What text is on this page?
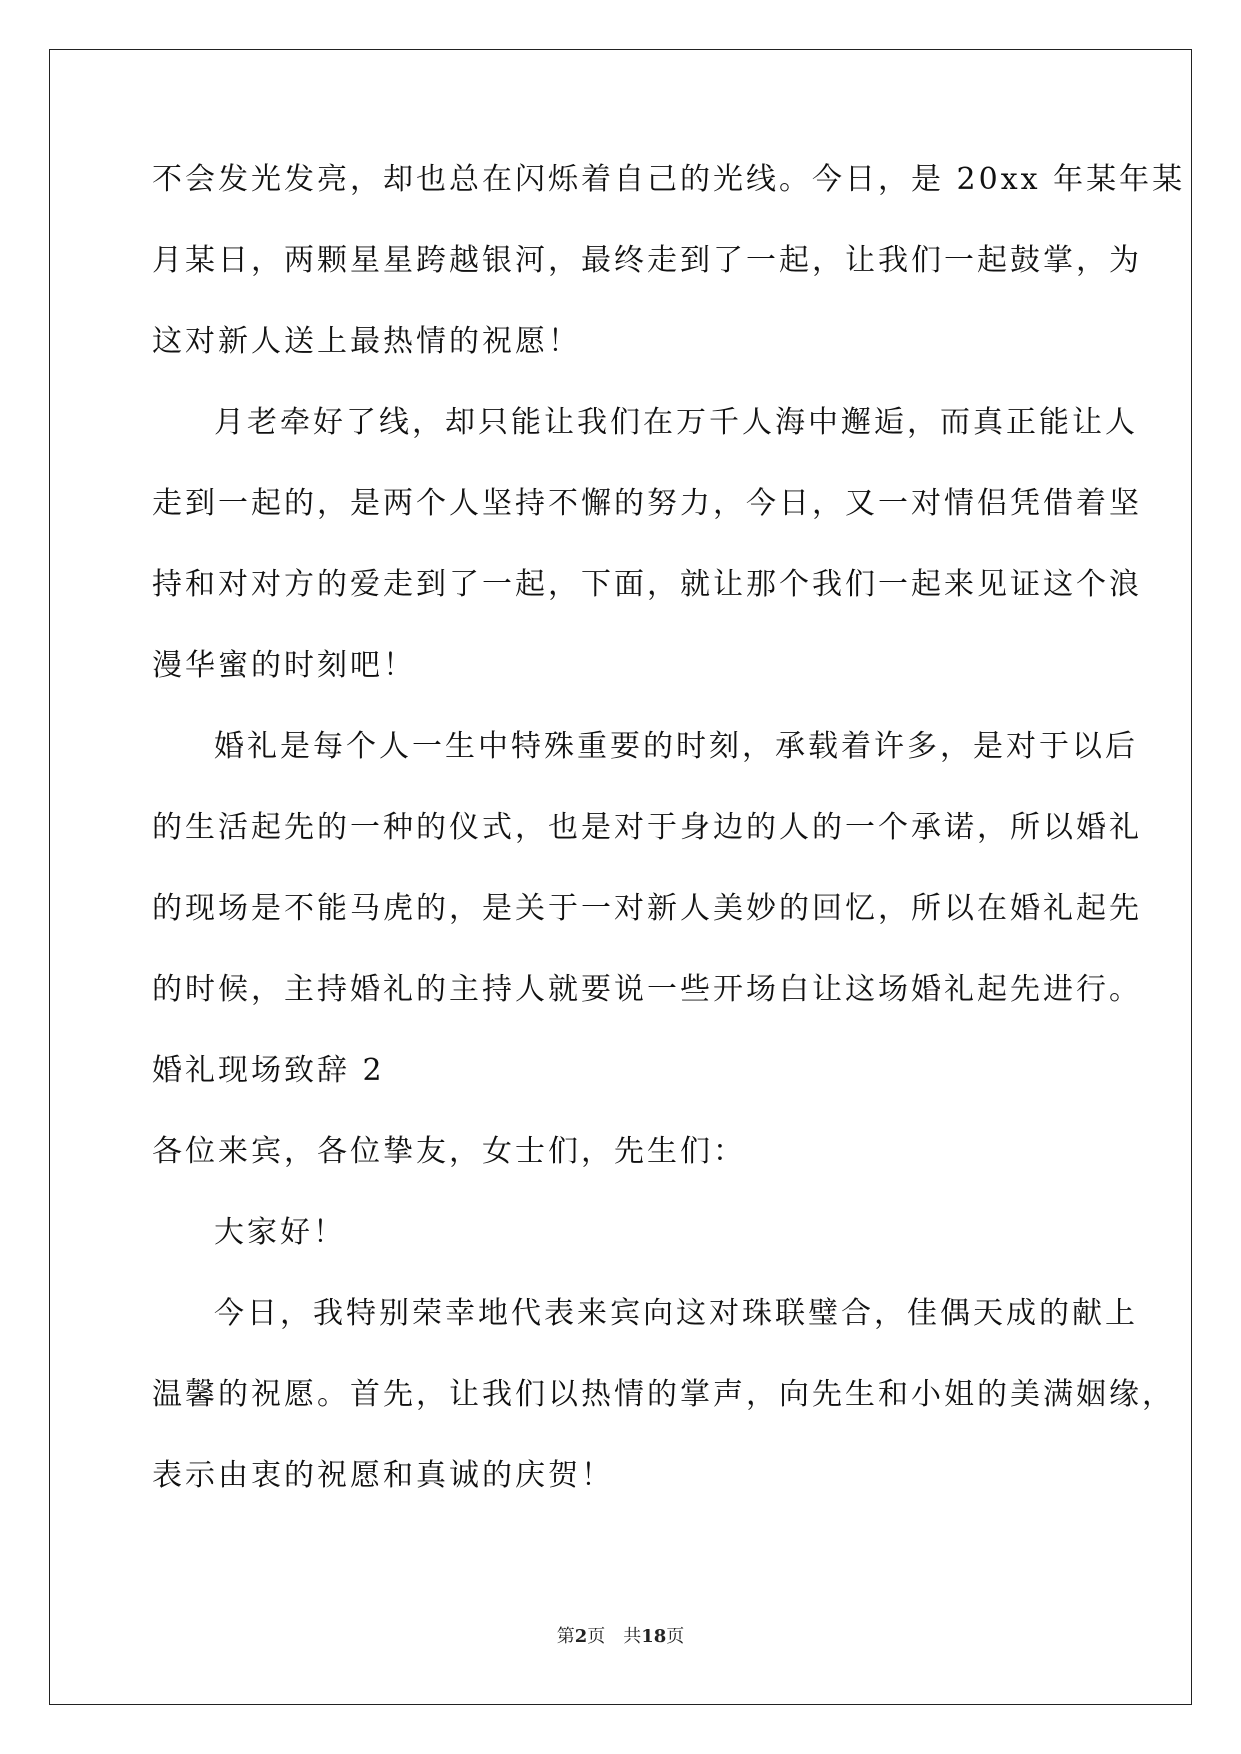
不会发光发亮，却也总在闪烁着自己的光线。今日，是 20xx 年某年某
月某日，两颗星星跨越银河，最终走到了一起，让我们一起鼓掌，为
这对新人送上最热情的祝愿！
月老牵好了线，却只能让我们在万千人海中邂逅，而真正能让人
走到一起的，是两个人坚持不懈的努力，今日，又一对情侣凭借着坚
持和对对方的爱走到了一起，下面，就让那个我们一起来见证这个浪
漫华蜜的时刻吧！
婚礼是每个人一生中特殊重要的时刻，承载着许多，是对于以后
的生活起先的一种的仪式，也是对于身边的人的一个承诺，所以婚礼
的现场是不能马虎的，是关于一对新人美妙的回忆，所以在婚礼起先
的时候，主持婚礼的主持人就要说一些开场白让这场婚礼起先进行。
婚礼现场致辞 2
各位来宾，各位挚友，女士们，先生们：
大家好！
今日，我特别荣幸地代表来宾向这对珠联璧合，佳偶天成的献上
温馨的祝愿。首先，让我们以热情的掌声，向先生和小姐的美满姻缘，
表示由衷的祝愿和真诚的庆贺！
第2页 共18页
